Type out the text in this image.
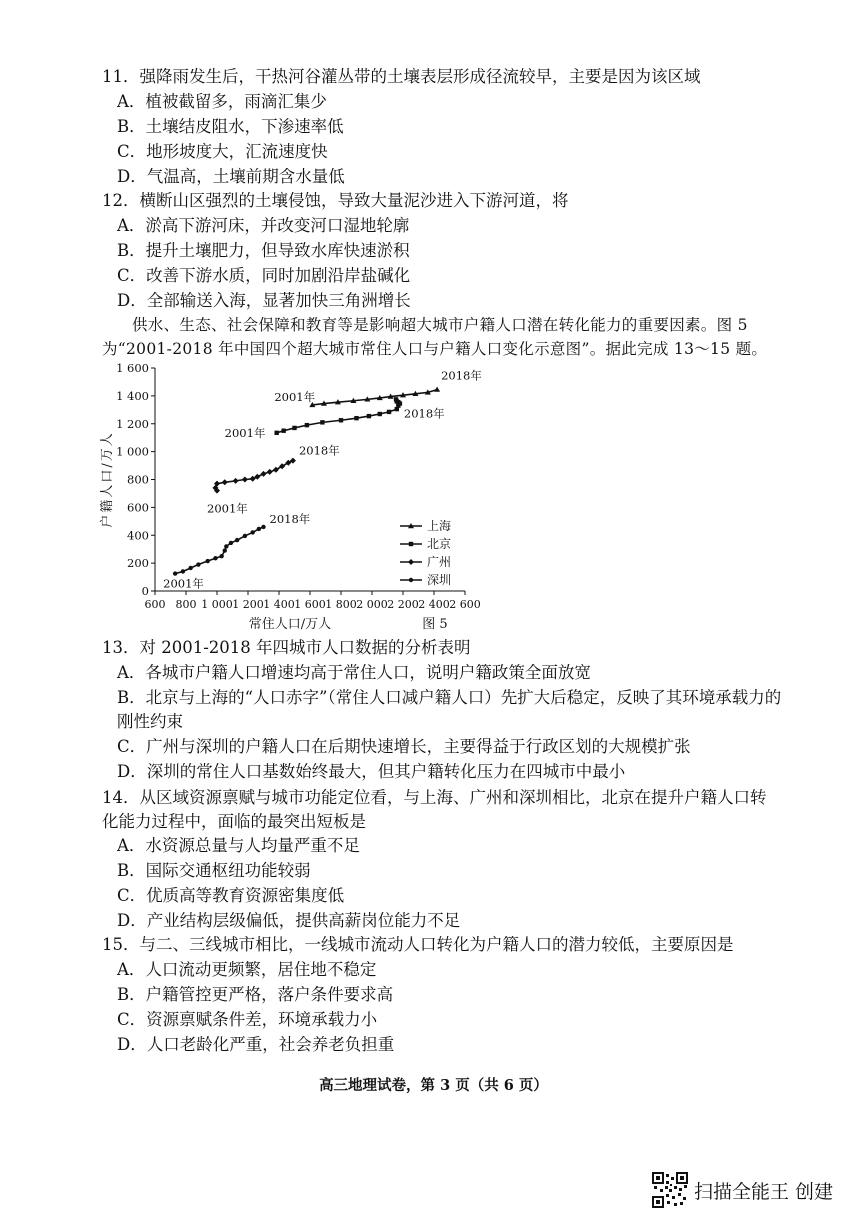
11．强降雨发生后，干热河谷灌丛带的土壤表层形成径流较早，主要是因为该区域
A．植被截留多，雨滴汇集少
B．土壤结皮阻水，下渗速率低
C．地形坡度大，汇流速度快
D．气温高，土壤前期含水量低
12．横断山区强烈的土壤侵蚀，导致大量泥沙进入下游河道，将
A．淤高下游河床，并改变河口湿地轮廓
B．提升土壤肥力，但导致水库快速淤积
C．改善下游水质，同时加剧沿岸盐碱化
D．全部输送入海，显著加快三角洲增长
供水、生态、社会保障和教育等是影响超大城市户籍人口潜在转化能力的重要因素。图 5 为“2001-2018 年中国四个超大城市常住人口与户籍人口变化示意图”。据此完成 13～15 题。
0
200
400
600
800
1 000
1 200
1 400
1 600
600 800 1 000 1 200 1 400 1 600 1 800 2 000 2 200 2 400 2 600
常住人口/万人	图 5
户籍人口/万人
2001年
2018年
2001年
2018年
2001年
2018年
2001年
2018年
上海
北京
广州
深圳
13．对 2001-2018 年四城市人口数据的分析表明
A．各城市户籍人口增速均高于常住人口，说明户籍政策全面放宽
B．北京与上海的“人口赤字”（常住人口减户籍人口）先扩大后稳定，反映了其环境承载力的刚性约束
C．广州与深圳的户籍人口在后期快速增长，主要得益于行政区划的大规模扩张
D．深圳的常住人口基数始终最大，但其户籍转化压力在四城市中最小
14．从区域资源禀赋与城市功能定位看，与上海、广州和深圳相比，北京在提升户籍人口转化能力过程中，面临的最突出短板是
A．水资源总量与人均量严重不足
B．国际交通枢纽功能较弱
C．优质高等教育资源密集度低
D．产业结构层级偏低，提供高薪岗位能力不足
15．与二、三线城市相比，一线城市流动人口转化为户籍人口的潜力较低，主要原因是
A．人口流动更频繁，居住地不稳定
B．户籍管控更严格，落户条件要求高
C．资源禀赋条件差，环境承载力小
D．人口老龄化严重，社会养老负担重
高三地理试卷，第 3 页（共 6 页）
扫描全能王 创建
